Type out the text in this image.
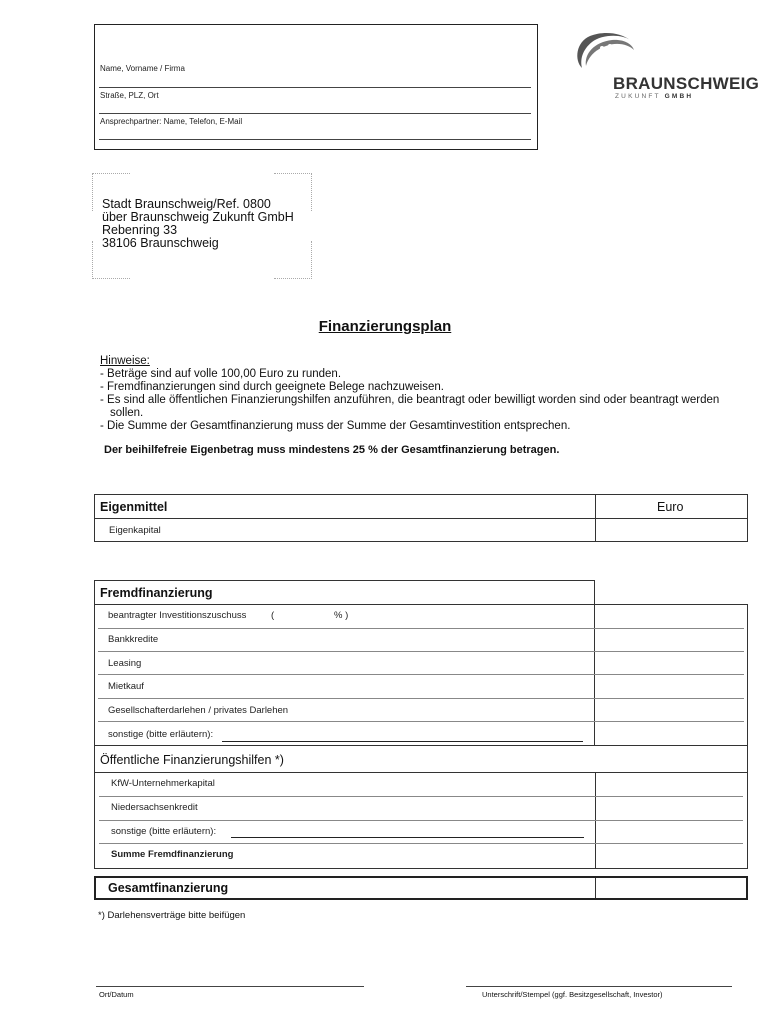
Name, Vorname / Firma
Straße, PLZ, Ort
Ansprechpartner: Name, Telefon, E-Mail
BRAUNSCHWEIG
ZUKUNFT GMBH
Stadt Braunschweig/Ref. 0800
über Braunschweig Zukunft GmbH
Rebenring 33
38106 Braunschweig
Finanzierungsplan
Hinweise:
- Beträge sind auf volle 100,00 Euro zu runden.
- Fremdfinanzierungen sind durch geeignete Belege nachzuweisen.
- Es sind alle öffentlichen Finanzierungshilfen anzuführen, die beantragt oder bewilligt worden sind oder beantragt werden
sollen.
- Die Summe der Gesamtfinanzierung muss der Summe der Gesamtinvestition entsprechen.
Der beihilfefreie Eigenbetrag muss mindestens 25 % der Gesamtfinanzierung betragen.
Eigenmittel	Euro
Eigenkapital
Fremdfinanzierung
beantragter Investitionszuschuss	(	% )
Bankkredite
Leasing
Mietkauf
Gesellschafterdarlehen / privates Darlehen
sonstige (bitte erläutern):
Öffentliche Finanzierungshilfen *)
KfW-Unternehmerkapital
Niedersachsenkredit
sonstige (bitte erläutern):
Summe Fremdfinanzierung
Gesamtfinanzierung
*) Darlehensverträge bitte beifügen
Ort/Datum	Unterschrift/Stempel (ggf. Besitzgesellschaft, Investor)
